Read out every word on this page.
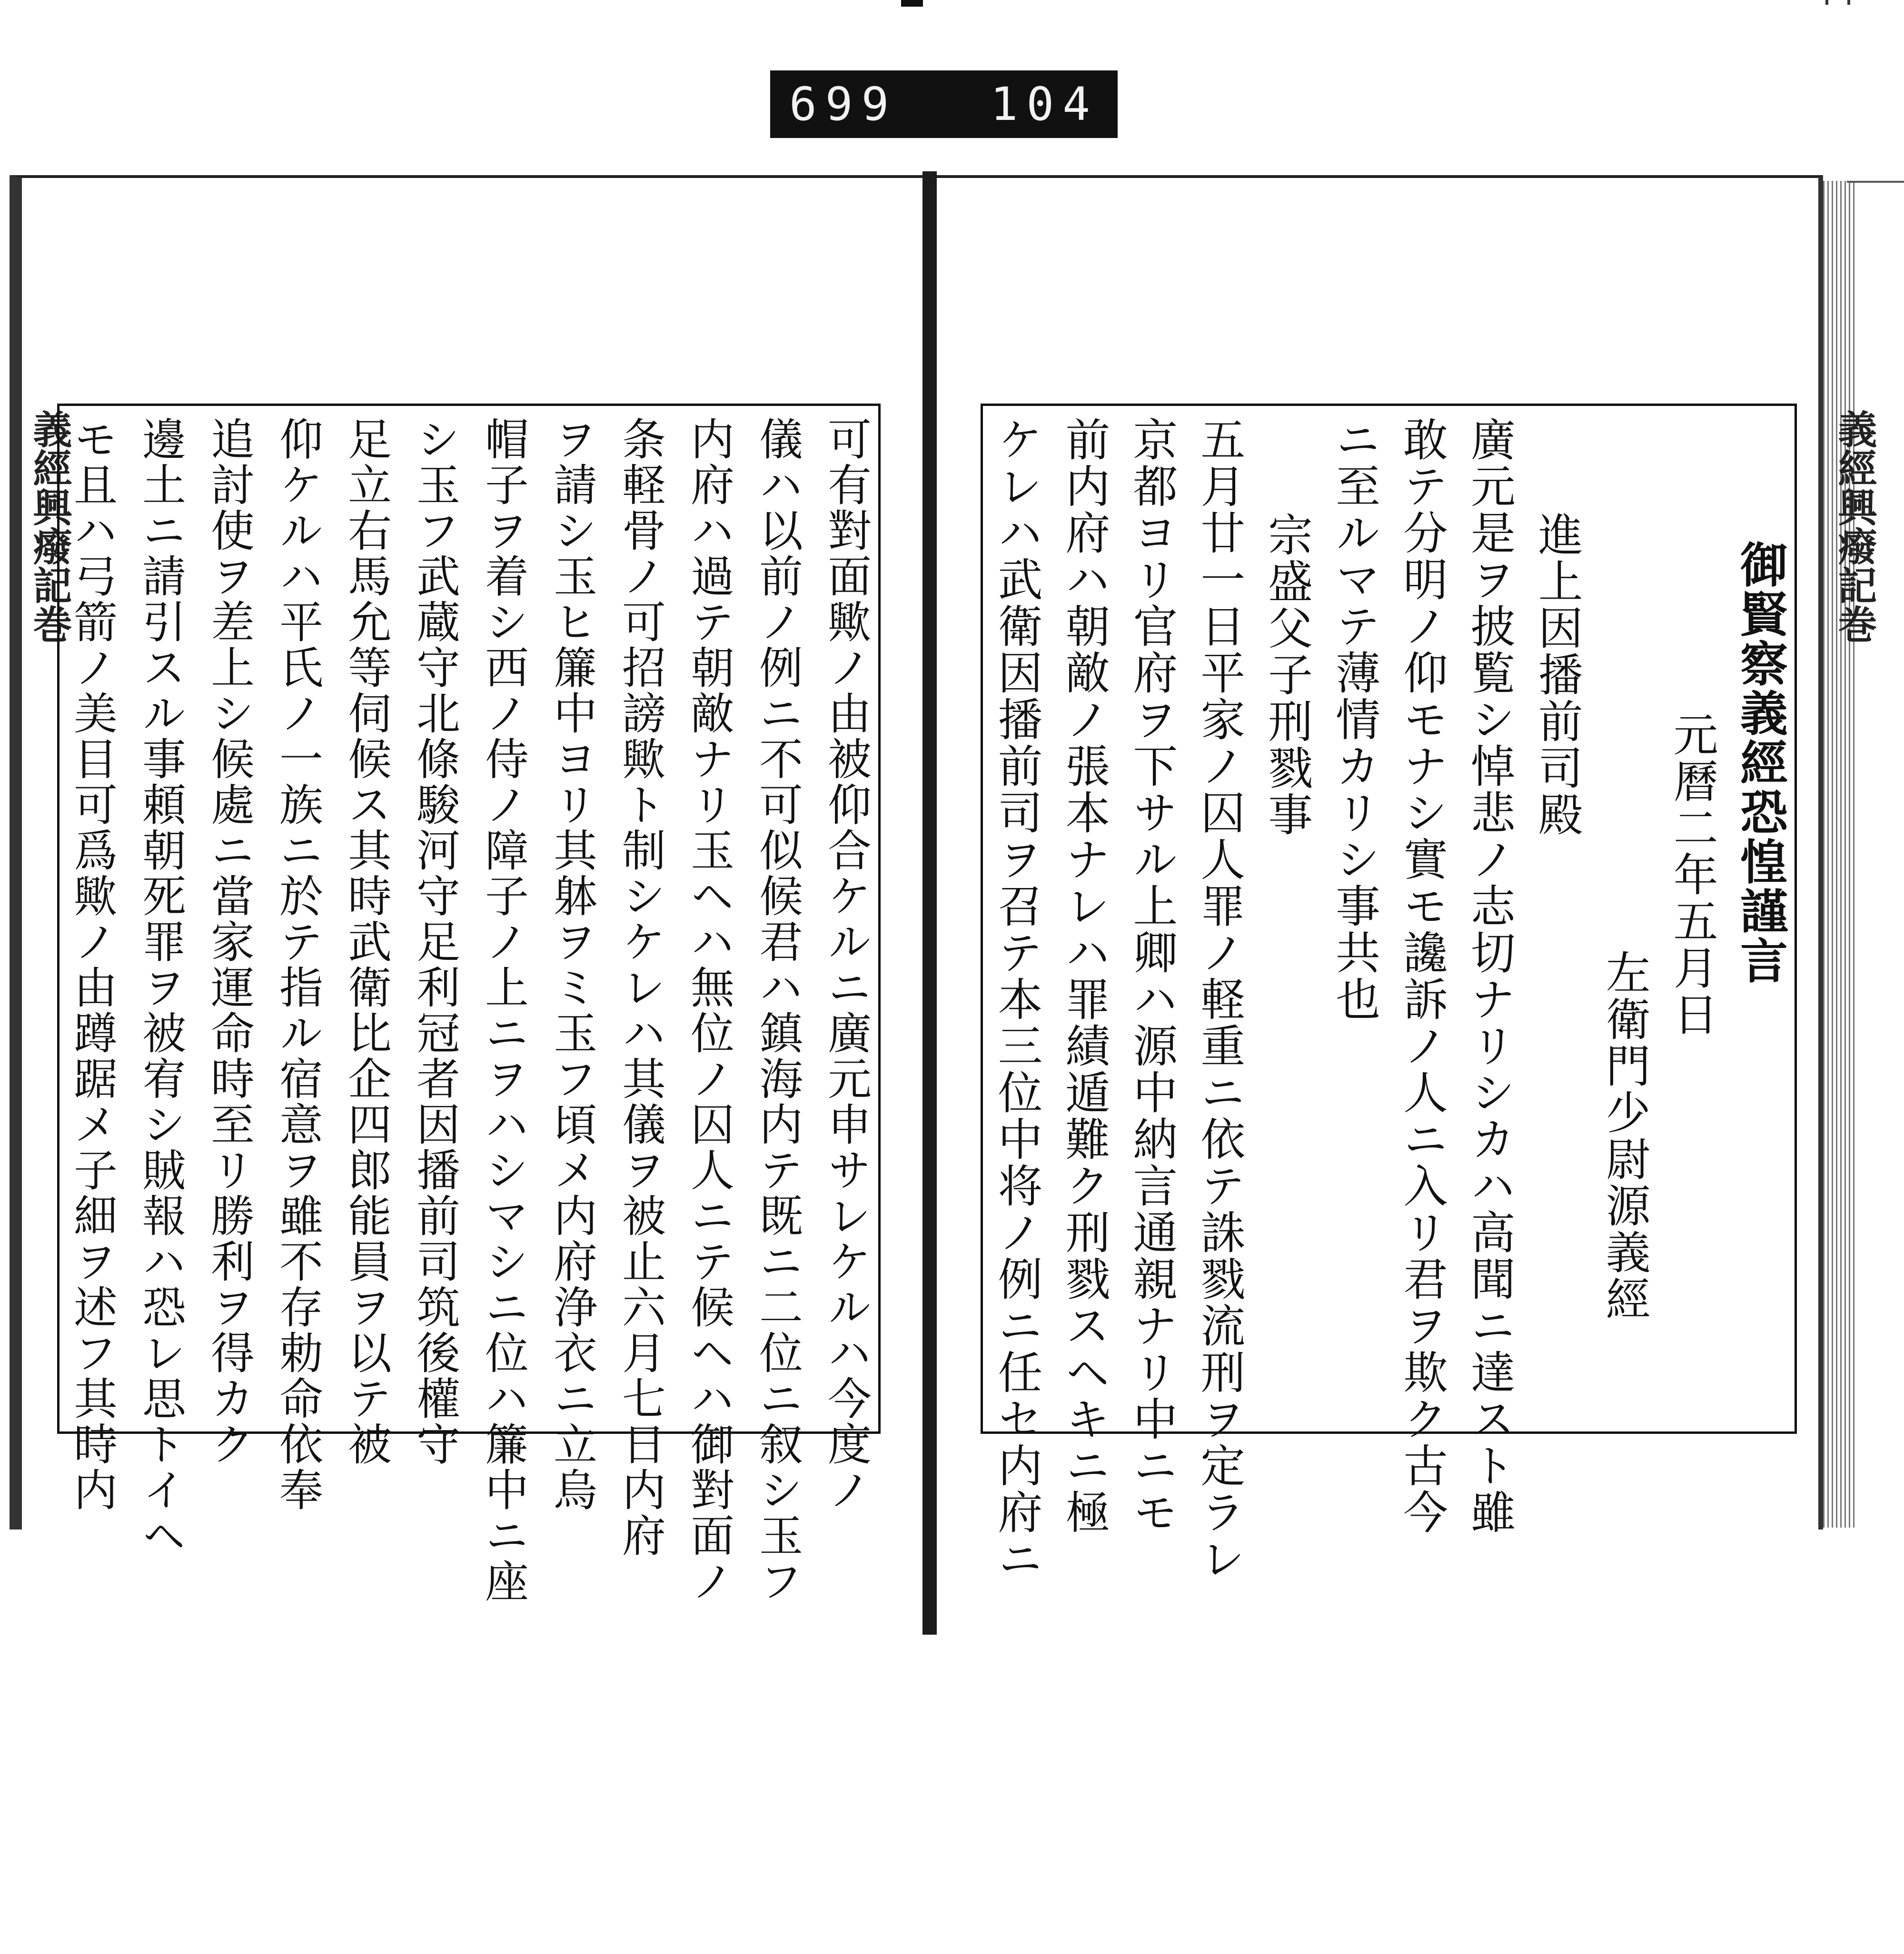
699 104
義經興癈記巻	義經興癈記巻
御賢察義經恐惶謹言
元曆二年五月日
左衛門少尉源義經
進上因播前司殿
廣元是ヲ披覧シ悼悲ノ志切ナリシカハ高聞ニ達スト雖
敢テ分明ノ仰モナシ實モ讒訴ノ人ニ入リ君ヲ欺ク古今
ニ至ルマテ薄情カリシ事共也
宗盛父子刑戮事
五月廿一日平家ノ囚人罪ノ軽重ニ依テ誅戮流刑ヲ定ラレ
京都ヨリ官府ヲ下サル上卿ハ源中納言通親ナリ中ニモ
前内府ハ朝敵ノ張本ナレハ罪績遁難ク刑戮スヘキニ極
ケレハ武衛因播前司ヲ召テ本三位中将ノ例ニ任セ内府ニ
可有對面歟ノ由被仰合ケルニ廣元申サレケルハ今度ノ
儀ハ以前ノ例ニ不可似候君ハ鎮海内テ既ニ二位ニ叙シ玉フ
内府ハ過テ朝敵ナリ玉ヘハ無位ノ囚人ニテ候ヘハ御對面ノ
条軽骨ノ可招謗歟ト制シケレハ其儀ヲ被止六月七日内府
ヲ請シ玉ヒ簾中ヨリ其躰ヲミ玉フ頃メ内府浄衣ニ立烏
帽子ヲ着シ西ノ侍ノ障子ノ上ニヲハシマシニ位ハ簾中ニ座
シ玉フ武蔵守北條駿河守足利冠者因播前司筑後權守
足立右馬允等伺候ス其時武衛比企四郎能員ヲ以テ被
仰ケルハ平氏ノ一族ニ於テ指ル宿意ヲ雖不存勅命依奉
追討使ヲ差上シ候處ニ當家運命時至リ勝利ヲ得カク
邊土ニ請引スル事頼朝死罪ヲ被宥シ賊報ハ恐レ思トイヘ
モ且ハ弓箭ノ美目可爲歟ノ由蹲踞メ子細ヲ述フ其時内
